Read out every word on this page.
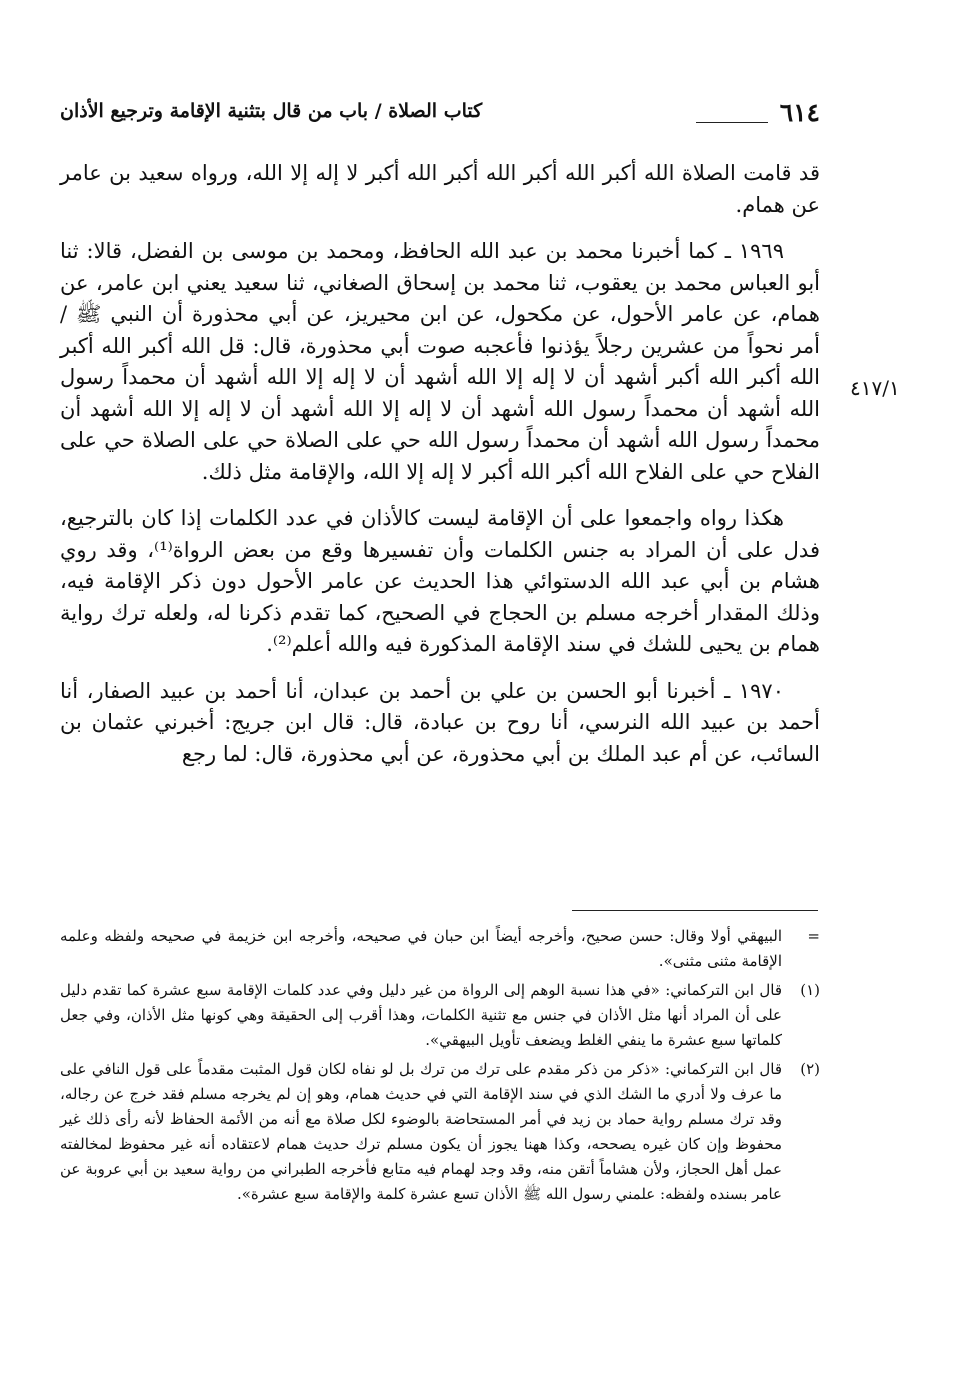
٦١٤
كتاب الصلاة / باب من قال بتثنية الإقامة وترجيع الأذان
٤١٧/١

قد قامت الصلاة الله أكبر الله أكبر الله أكبر الله أكبر لا إله إلا الله، ورواه سعيد بن عامر عن همام.

١٩٦٩ ـ كما أخبرنا محمد بن عبد الله الحافظ، ومحمد بن موسى بن الفضل، قالا: ثنا أبو العباس محمد بن يعقوب، ثنا محمد بن إسحاق الصغاني، ثنا سعيد يعني ابن عامر، عن همام، عن عامر الأحول، عن مكحول، عن ابن محيريز، عن أبي محذورة أن النبي ﷺ / أمر نحواً من عشرين رجلاً يؤذنوا فأعجبه صوت أبي محذورة، قال: قل الله أكبر الله أكبر الله أكبر الله أكبر أشهد أن لا إله إلا الله أشهد أن لا إله إلا الله أشهد أن محمداً رسول الله أشهد أن محمداً رسول الله أشهد أن لا إله إلا الله أشهد أن لا إله إلا الله أشهد أن محمداً رسول الله أشهد أن محمداً رسول الله حي على الصلاة حي على الصلاة حي على الفلاح حي على الفلاح الله أكبر الله أكبر لا إله إلا الله، والإقامة مثل ذلك.

هكذا رواه واجمعوا على أن الإقامة ليست كالأذان في عدد الكلمات إذا كان بالترجيع، فدل على أن المراد به جنس الكلمات وأن تفسيرها وقع من بعض الرواة⁽¹⁾، وقد روي هشام بن أبي عبد الله الدستوائي هذا الحديث عن عامر الأحول دون ذكر الإقامة فيه، وذلك المقدار أخرجه مسلم بن الحجاج في الصحيح، كما تقدم ذكرنا له، ولعله ترك رواية همام بن يحيى للشك في سند الإقامة المذكورة فيه والله أعلم⁽²⁾.

١٩٧٠ ـ أخبرنا أبو الحسن بن علي بن أحمد بن عبدان، أنا أحمد بن عبيد الصفار، أنا أحمد بن عبيد الله النرسي، أنا روح بن عبادة، قال: قال ابن جريج: أخبرني عثمان بن السائب، عن أم عبد الملك بن أبي محذورة، عن أبي محذورة، قال: لما رجع

=
البيهقي أولا وقال: حسن صحيح، وأخرجه أيضاً ابن حبان في صحيحه، وأخرجه ابن خزيمة في صحيحه ولفظه وعلمه الإقامة مثنى مثنى».
(١)
قال ابن التركماني: «في هذا نسبة الوهم إلى الرواة من غير دليل وفي عدد كلمات الإقامة سبع عشرة كما تقدم دليل على أن المراد أنها مثل الأذان في جنس مع تثنية الكلمات، وهذا أقرب إلى الحقيقة وهي كونها مثل الأذان، وفي جعل كلماتها سبع عشرة ما ينفي الغلط ويضعف تأويل البيهقي».
(٢)
قال ابن التركماني: «ذكر من ذكر مقدم على ترك من ترك بل لو نفاه لكان قول المثبت مقدماً على قول النافي على ما عرف ولا أدري ما الشك الذي في سند الإقامة التي في حديث همام، وهو إن لم يخرجه مسلم فقد خرج عن رجاله، وقد ترك مسلم رواية حماد بن زيد في أمر المستحاضة بالوضوء لكل صلاة مع أنه من الأئمة الحفاظ لأنه رأى ذلك غير محفوظ وإن كان غيره يصححه، وكذا ههنا يجوز أن يكون مسلم ترك حديث همام لاعتقاده أنه غير محفوظ لمخالفته عمل أهل الحجاز، ولأن هشاماً أتقن منه، وقد وجد لهمام فيه متابع فأخرجه الطبراني من رواية سعيد بن أبي عروبة عن عامر بسنده ولفظه: علمني رسول الله ﷺ الأذان تسع عشرة كلمة والإقامة سبع عشرة».
